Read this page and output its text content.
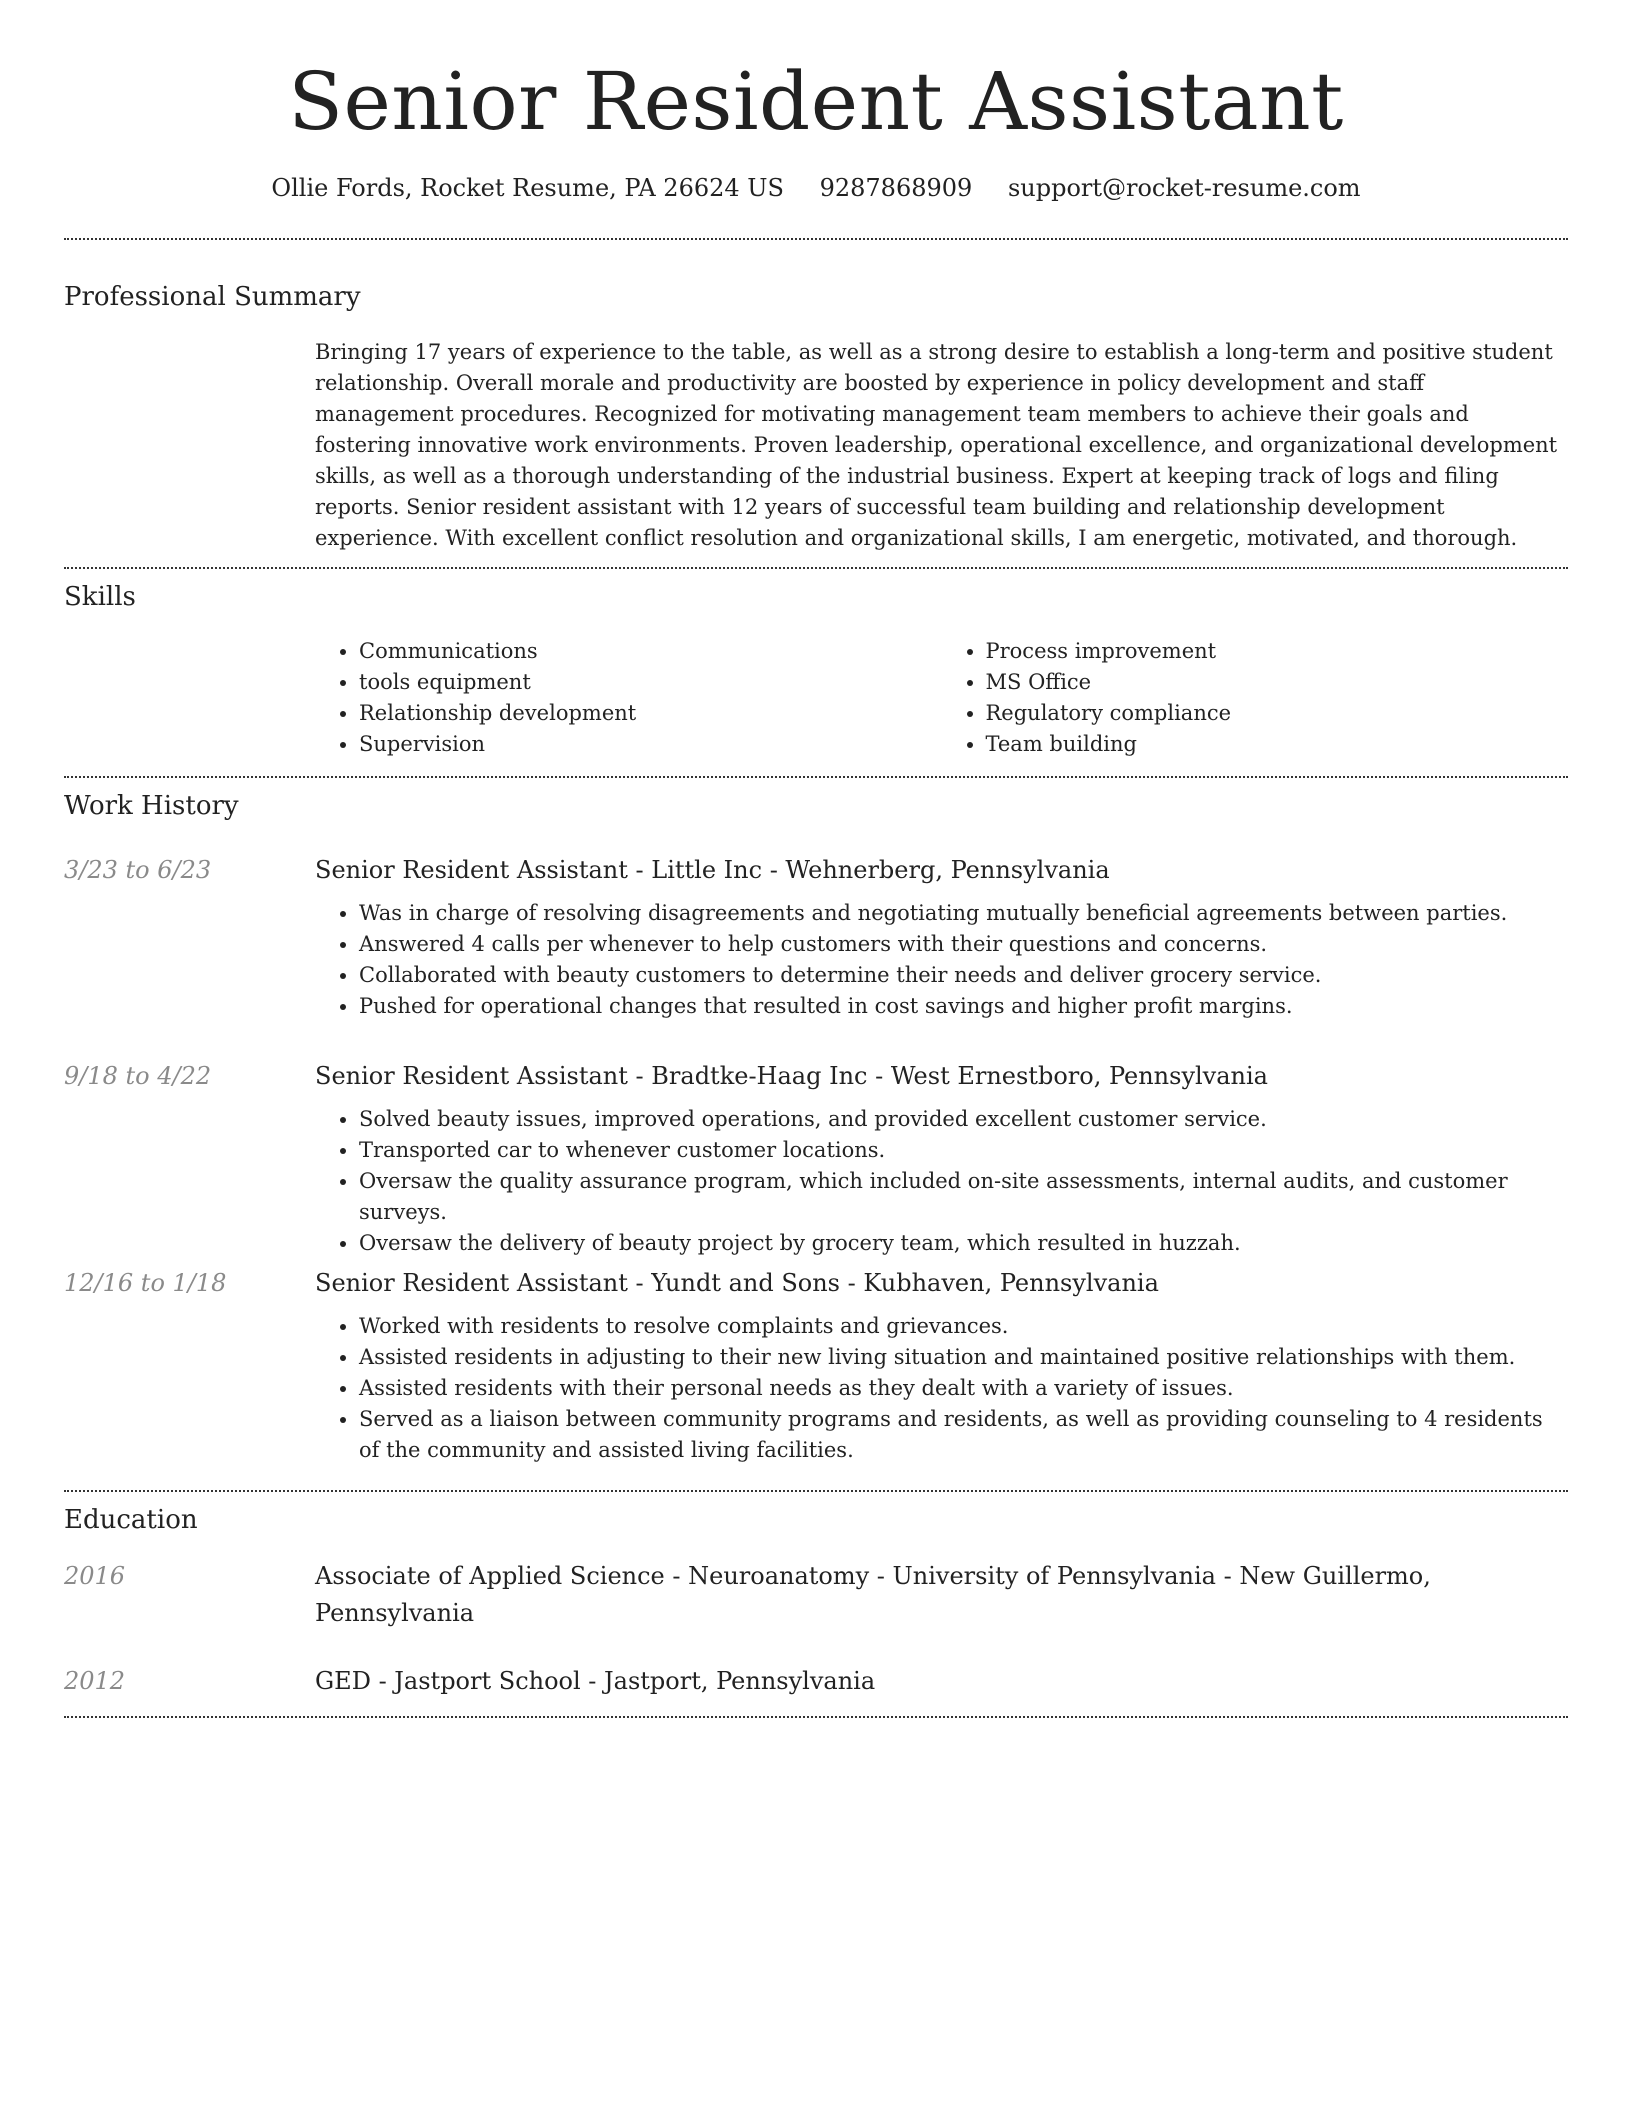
Senior Resident Assistant
Ollie Fords, Rocket Resume, PA 26624 US 9287868909 support@rocket-resume.com
Professional Summary

Bringing 17 years of experience to the table, as well as a strong desire to establish a long-term and positive student relationship. Overall morale and productivity are boosted by experience in policy development and staff management procedures. Recognized for motivating management team members to achieve their goals and fostering innovative work environments. Proven leadership, operational excellence, and organizational development skills, as well as a thorough understanding of the industrial business. Expert at keeping track of logs and filing reports. Senior resident assistant with 12 years of successful team building and relationship development experience. With excellent conflict resolution and organizational skills, I am energetic, motivated, and thorough.

Skills
• Communications
• tools equipment
• Relationship development
• Supervision
• Process improvement
• MS Office
• Regulatory compliance
• Team building
Work History
3/23 to 6/23	Senior Resident Assistant - Little Inc - Wehnerberg, Pennsylvania
• Was in charge of resolving disagreements and negotiating mutually beneficial agreements between parties.
• Answered 4 calls per whenever to help customers with their questions and concerns.
• Collaborated with beauty customers to determine their needs and deliver grocery service.
• Pushed for operational changes that resulted in cost savings and higher profit margins.
9/18 to 4/22	Senior Resident Assistant - Bradtke-Haag Inc - West Ernestboro, Pennsylvania
• Solved beauty issues, improved operations, and provided excellent customer service.
• Transported car to whenever customer locations.
• Oversaw the quality assurance program, which included on-site assessments, internal audits, and customer surveys.
• Oversaw the delivery of beauty project by grocery team, which resulted in huzzah.
12/16 to 1/18	Senior Resident Assistant - Yundt and Sons - Kubhaven, Pennsylvania
• Worked with residents to resolve complaints and grievances.
• Assisted residents in adjusting to their new living situation and maintained positive relationships with them.
• Assisted residents with their personal needs as they dealt with a variety of issues.
• Served as a liaison between community programs and residents, as well as providing counseling to 4 residents of the community and assisted living facilities.
Education
2016	Associate of Applied Science - Neuroanatomy - University of Pennsylvania - New Guillermo, Pennsylvania
2012	GED - Jastport School - Jastport, Pennsylvania
